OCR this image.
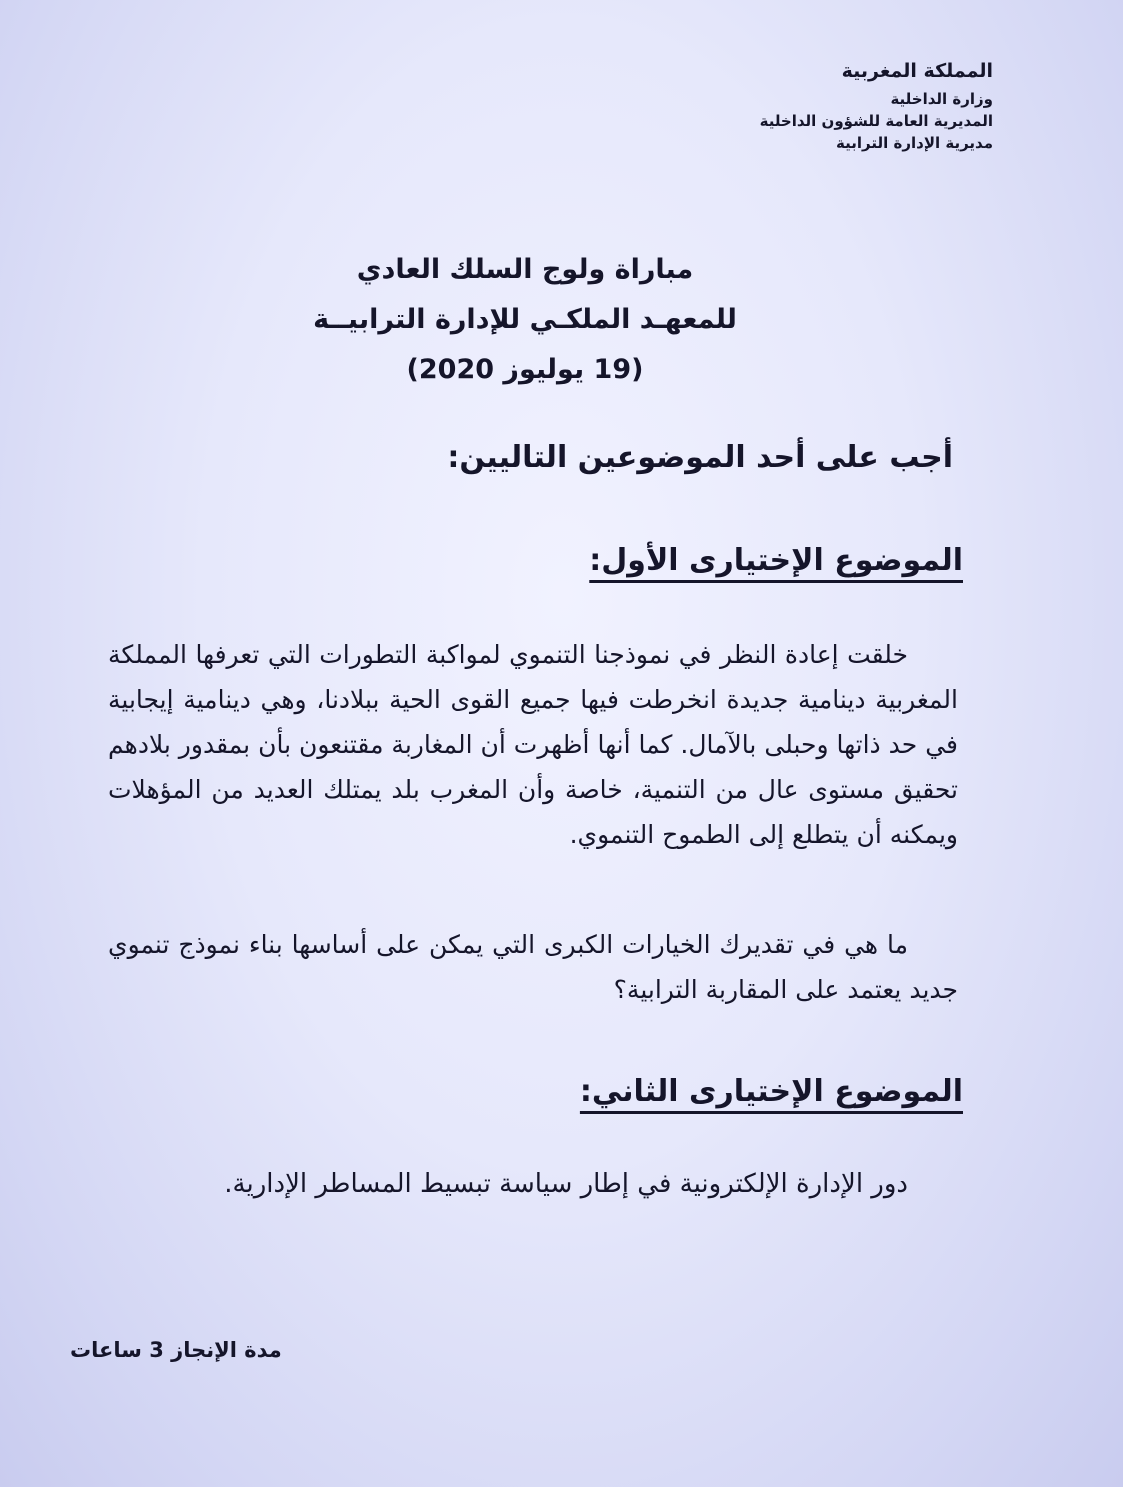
المملكة المغربية
وزارة الداخلية
المديرية العامة للشؤون الداخلية
مديرية الإدارة الترابية
مباراة ولوج السلك العادي
للمعهـد الملكـي للإدارة الترابيــة
(19 يوليوز 2020)
أجب على أحد الموضوعين التاليين:
الموضوع الإختيارى الأول:
خلقت إعادة النظر في نموذجنا التنموي لمواكبة التطورات التي تعرفها المملكة المغربية دينامية جديدة انخرطت فيها جميع القوى الحية ببلادنا، وهي دينامية إيجابية في حد ذاتها وحبلى بالآمال. كما أنها أظهرت أن المغاربة مقتنعون بأن بمقدور بلادهم تحقيق مستوى عال من التنمية، خاصة وأن المغرب بلد يمتلك العديد من المؤهلات ويمكنه أن يتطلع إلى الطموح التنموي.
ما هي في تقديرك الخيارات الكبرى التي يمكن على أساسها بناء نموذج تنموي جديد يعتمد على المقاربة الترابية؟
الموضوع الإختيارى الثاني:
دور الإدارة الإلكترونية في إطار سياسة تبسيط المساطر الإدارية.
مدة الإنجاز 3 ساعات
